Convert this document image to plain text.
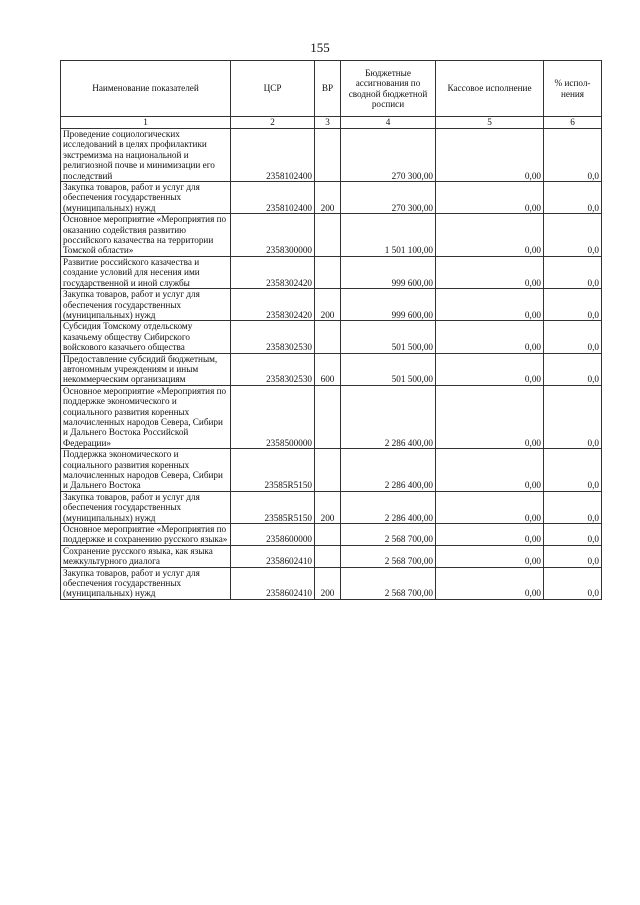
155
Наименование показателей	ЦСР	ВР	Бюджетные ассигнования по сводной бюджетной росписи	Кассовое исполнение	% испол-нения
1	2	3	4	5	6
Проведение социологических исследований в целях профилактики экстремизма на национальной и религиозной почве и минимизации его последствий	2358102400		270 300,00	0,00	0,0
Закупка товаров, работ и услуг для обеспечения государственных (муниципальных) нужд	2358102400	200	270 300,00	0,00	0,0
Основное мероприятие «Мероприятия по оказанию содействия развитию российского казачества на территории Томской области»	2358300000		1 501 100,00	0,00	0,0
Развитие российского казачества и создание условий для несения ими государственной и иной службы	2358302420		999 600,00	0,00	0,0
Закупка товаров, работ и услуг для обеспечения государственных (муниципальных) нужд	2358302420	200	999 600,00	0,00	0,0
Субсидия Томскому отдельскому казачьему обществу Сибирского войскового казачьего общества	2358302530		501 500,00	0,00	0,0
Предоставление субсидий бюджетным, автономным учреждениям и иным некоммерческим организациям	2358302530	600	501 500,00	0,00	0,0
Основное мероприятие «Мероприятия по поддержке экономического и социального развития коренных малочисленных народов Севера, Сибири и Дальнего Востока Российской Федерации»	2358500000		2 286 400,00	0,00	0,0
Поддержка экономического и социального развития коренных малочисленных народов Севера, Сибири и Дальнего Востока	23585R5150		2 286 400,00	0,00	0,0
Закупка товаров, работ и услуг для обеспечения государственных (муниципальных) нужд	23585R5150	200	2 286 400,00	0,00	0,0
Основное мероприятие «Мероприятия по поддержке и сохранению русского языка»	2358600000		2 568 700,00	0,00	0,0
Сохранение русского языка, как языка межкультурного диалога	2358602410		2 568 700,00	0,00	0,0
Закупка товаров, работ и услуг для обеспечения государственных (муниципальных) нужд	2358602410	200	2 568 700,00	0,00	0,0
